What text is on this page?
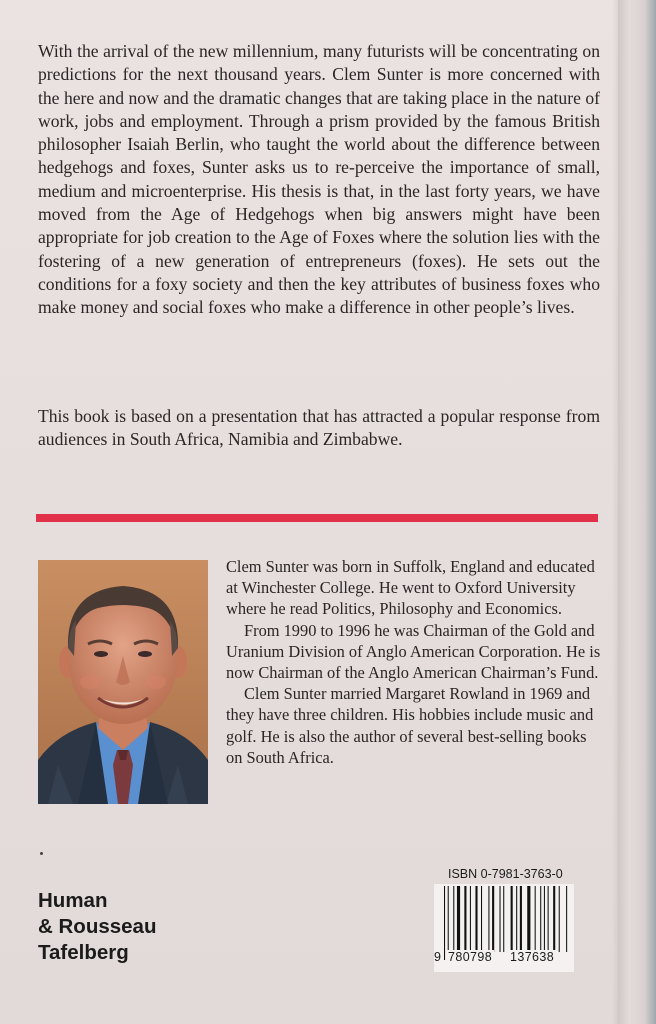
With the arrival of the new millennium, many futurists will be concentrating on predictions for the next thousand years. Clem Sunter is more concerned with the here and now and the dramatic changes that are taking place in the nature of work, jobs and employment. Through a prism provided by the famous British philosopher Isaiah Berlin, who taught the world about the difference between hedgehogs and foxes, Sunter asks us to re-perceive the importance of small, medium and microenterprise. His thesis is that, in the last forty years, we have moved from the Age of Hedgehogs when big answers might have been appropriate for job creation to the Age of Foxes where the solution lies with the fostering of a new generation of entrepreneurs (foxes). He sets out the conditions for a foxy society and then the key attributes of business foxes who make money and social foxes who make a difference in other people’s lives.

This book is based on a presentation that has attracted a popular response from audiences in South Africa, Namibia and Zimbabwe.

Clem Sunter was born in Suffolk, England and educated at Winchester College. He went to Oxford University where he read Politics, Philosophy and Economics.

From 1990 to 1996 he was Chairman of the Gold and Uranium Division of Anglo American Corporation. He is now Chairman of the Anglo American Chairman’s Fund.

Clem Sunter married Margaret Rowland in 1969 and they have three children. His hobbies include music and golf. He is also the author of several best-selling books on South Africa.

Human
& Rousseau
Tafelberg
ISBN 0-7981-3763-0
9 780798 137638
